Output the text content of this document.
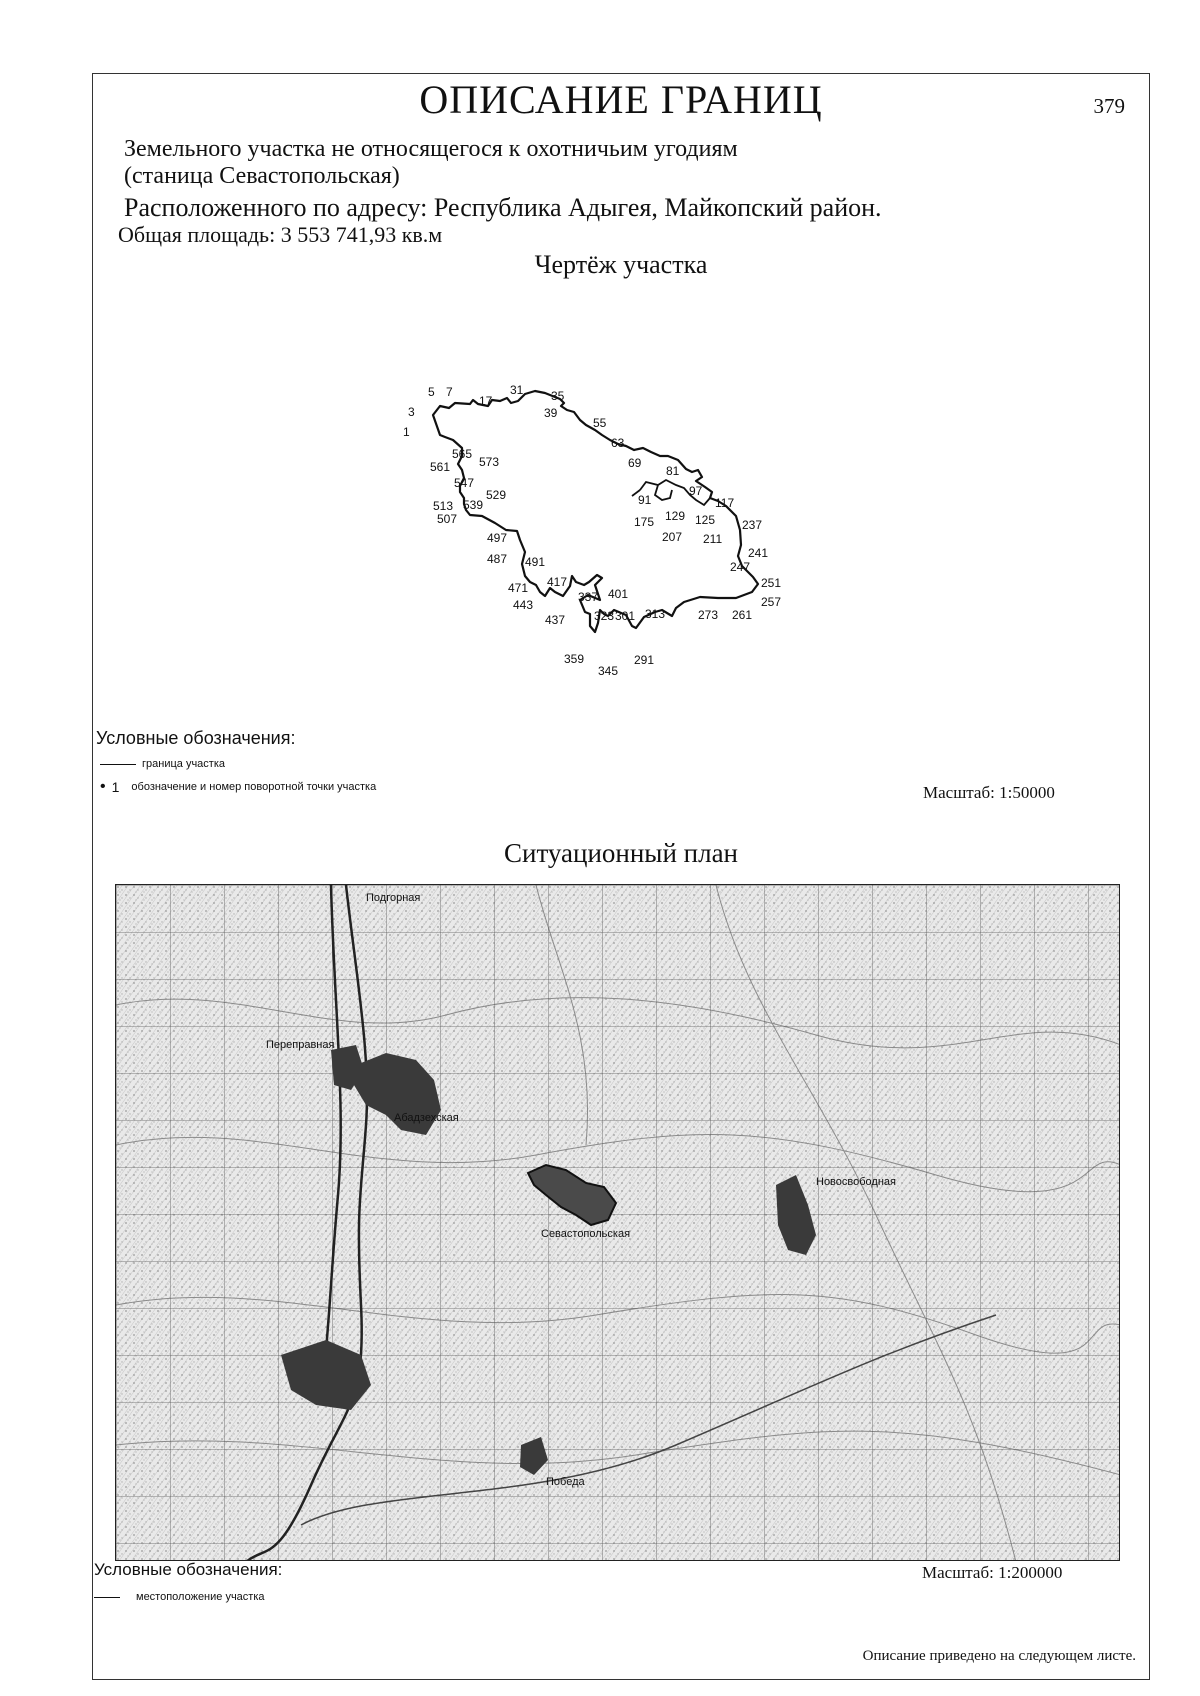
ОПИСАНИЕ ГРАНИЦ	379
Земельного участка не относящегося к охотничьим угодиям
(станица Севастопольская)
Расположенного по адресу: Республика Адыгея, Майкопский район.
Общая площадь: 3 553 741,93 кв.м
Чертёж участка
1
3
5 7
17
31 35
39
55
63
69
81
91
97
117
125
129
175
207 211
237
241
247
251
257
261
273
291
301 313
323
337
345
359
401
417
437
443
471
487 491
497
507
513
529
539
547
561
565
573
Условные обозначения:
граница участка
• 1 обозначение и номер поворотной точки участка	Масштаб: 1:50000
Ситуационный план
Переправная
Абадзехская
Севастопольская
Новосвободная
Победа
Подгорная
Условные обозначения:	Масштаб: 1:200000
местоположение участка
Описание приведено на следующем листе.
